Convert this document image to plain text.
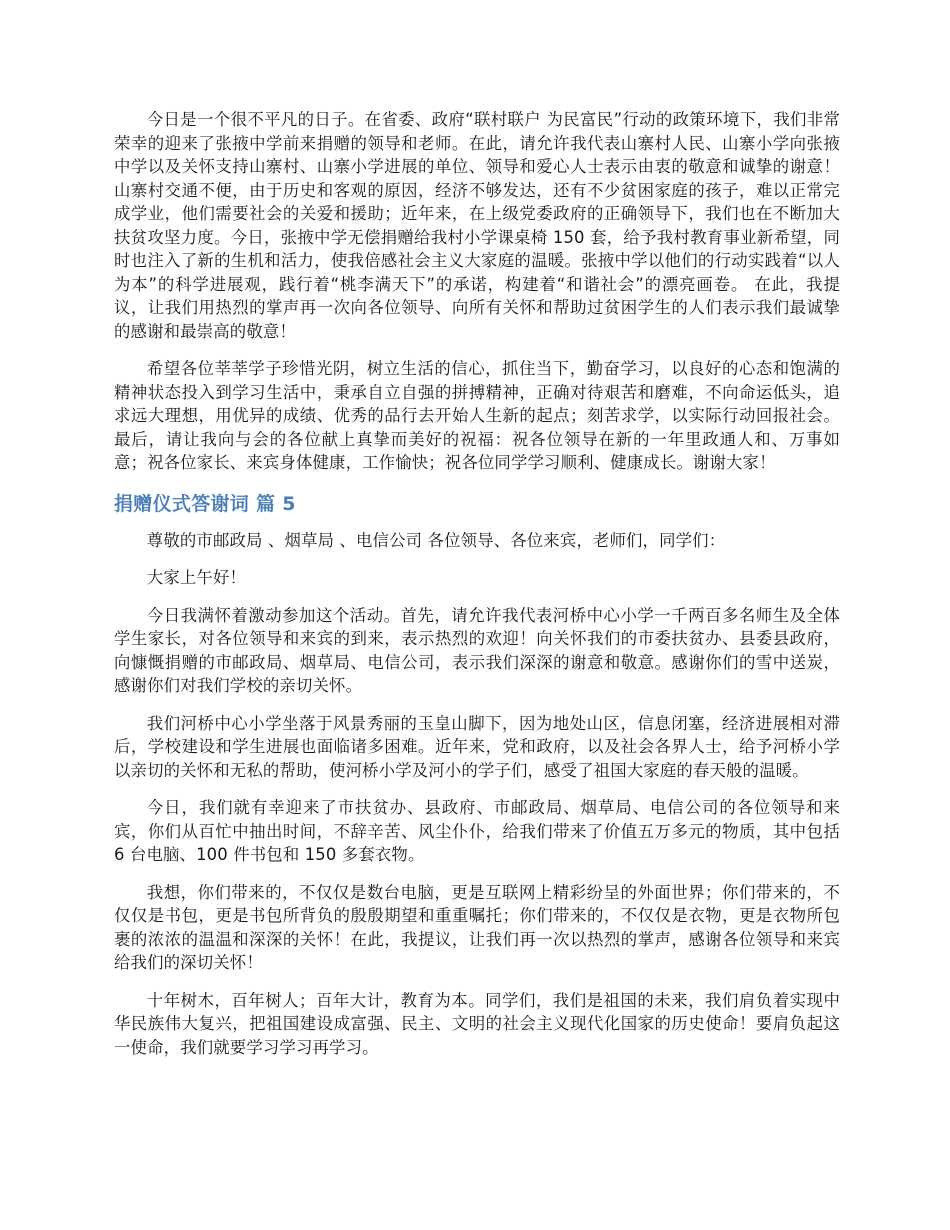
今日是一个很不平凡的日子。在省委、政府“联村联户 为民富民”行动的政策环境下，我们非常荣幸的迎来了张掖中学前来捐赠的领导和老师。在此，请允许我代表山寨村人民、山寨小学向张掖中学以及关怀支持山寨村、山寨小学进展的单位、领导和爱心人士表示由衷的敬意和诚挚的谢意！ 山寨村交通不便，由于历史和客观的原因，经济不够发达，还有不少贫困家庭的孩子，难以正常完成学业，他们需要社会的关爱和援助；近年来，在上级党委政府的正确领导下，我们也在不断加大扶贫攻坚力度。今日，张掖中学无偿捐赠给我村小学课桌椅 150 套，给予我村教育事业新希望，同时也注入了新的生机和活力，使我倍感社会主义大家庭的温暖。张掖中学以他们的行动实践着“以人为本”的科学进展观，践行着“桃李满天下”的承诺，构建着“和谐社会”的漂亮画卷。 在此，我提议，让我们用热烈的掌声再一次向各位领导、向所有关怀和帮助过贫困学生的人们表示我们最诚挚的感谢和最崇高的敬意！

希望各位莘莘学子珍惜光阴，树立生活的信心，抓住当下，勤奋学习，以良好的心态和饱满的精神状态投入到学习生活中，秉承自立自强的拼搏精神，正确对待艰苦和磨难，不向命运低头，追求远大理想，用优异的成绩、优秀的品行去开始人生新的起点；刻苦求学，以实际行动回报社会。 最后，请让我向与会的各位献上真挚而美好的祝福：祝各位领导在新的一年里政通人和、万事如意；祝各位家长、来宾身体健康，工作愉快；祝各位同学学习顺利、健康成长。谢谢大家！

捐赠仪式答谢词 篇 5

尊敬的市邮政局 、烟草局 、电信公司 各位领导、各位来宾，老师们，同学们：

大家上午好！

今日我满怀着激动参加这个活动。首先，请允许我代表河桥中心小学一千两百多名师生及全体学生家长，对各位领导和来宾的到来，表示热烈的欢迎！向关怀我们的市委扶贫办、县委县政府，向慷慨捐赠的市邮政局、烟草局、电信公司，表示我们深深的谢意和敬意。感谢你们的雪中送炭，感谢你们对我们学校的亲切关怀。

我们河桥中心小学坐落于风景秀丽的玉皇山脚下，因为地处山区，信息闭塞，经济进展相对滞后，学校建设和学生进展也面临诸多困难。近年来，党和政府，以及社会各界人士，给予河桥小学以亲切的关怀和无私的帮助，使河桥小学及河小的学子们，感受了祖国大家庭的春天般的温暖。

今日，我们就有幸迎来了市扶贫办、县政府、市邮政局、烟草局、电信公司的各位领导和来宾，你们从百忙中抽出时间，不辞辛苦、风尘仆仆，给我们带来了价值五万多元的物质，其中包括 6 台电脑、100 件书包和 150 多套衣物。

我想，你们带来的，不仅仅是数台电脑，更是互联网上精彩纷呈的外面世界；你们带来的，不仅仅是书包，更是书包所背负的殷殷期望和重重嘱托；你们带来的，不仅仅是衣物，更是衣物所包裹的浓浓的温温和深深的关怀！在此，我提议，让我们再一次以热烈的掌声，感谢各位领导和来宾给我们的深切关怀！

十年树木，百年树人；百年大计，教育为本。同学们，我们是祖国的未来，我们肩负着实现中华民族伟大复兴，把祖国建设成富强、民主、文明的社会主义现代化国家的历史使命！要肩负起这一使命，我们就要学习学习再学习。
